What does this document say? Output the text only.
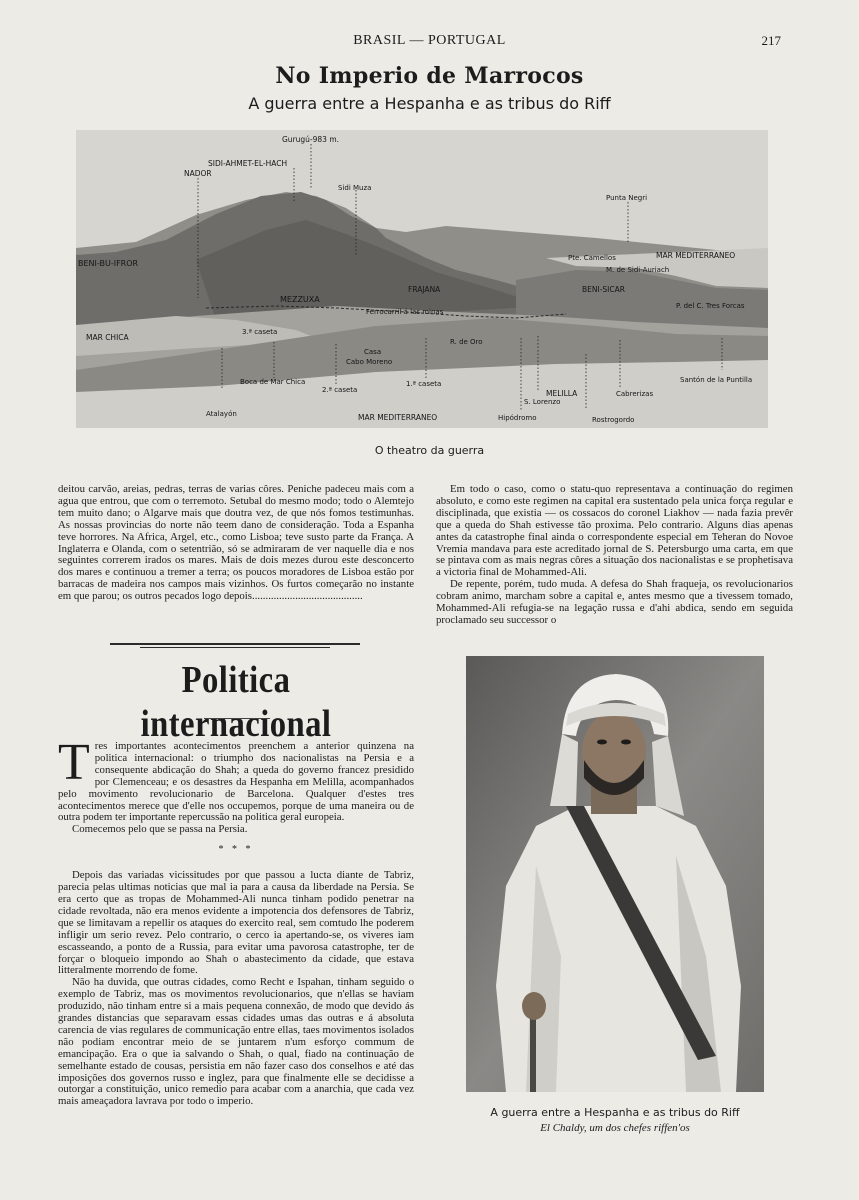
BRASIL — PORTUGAL	217
No Imperio de Marrocos
A guerra entre a Hespanha e as tribus do Riff
Gurugú-983 m.
SIDI-AHMET-EL-HACH
NADOR
Sidi Muza
Punta Negri
BENI-BU-IFROR
MAR MEDITERRANEO
Pte. Camellos
M. de Sidi-Auriach
MEZZUXA
FRAJANA	BENI-SICAR
P. del C. Tres Forcas
Ferrocarril á las minas
MAR CHICA
3.ª caseta
R. de Oro
Casa
Cabo Moreno
Boca de Mar Chica
2.ª caseta
1.ª caseta
MELILLA
S. Lorenzo
Cabrerizas
Santón de la Puntilla
Atalayón	MAR MEDITERRANEO	Hipódromo	Rostrogordo
O theatro da guerra

deitou carvão, areias, pedras, terras de varias côres. Peniche padeceu mais com a agua que entrou, que com o terremoto. Setubal do mesmo modo; todo o Alemtejo tem muito dano; o Algarve mais que doutra vez, de que nós fomos testimunhas. As nossas provincias do norte não teem dano de consideração. Toda a Espanha teve horrores. Na Africa, Argel, etc., como Lisboa; teve susto parte da França. A Inglaterra e Olanda, com o setentrião, só se admiraram de ver naquelle dia e nos seguintes correrem irados os mares. Mais de dois mezes durou este desconcerto dos mares e continuou a tremer a terra; os poucos moradores de Lisboa estão por barracas de madeira nos campos mais vizinhos. Os furtos começarão no instante em que parou; os outros pecados logo depois.........................................

Em todo o caso, como o statu-quo representava a continuação do regimen absoluto, e como este regimen na capital era sustentado pela unica força regular e disciplinada, que existia — os cossacos do coronel Liakhov — nada fazia prevêr que a queda do Shah estivesse tão proxima. Pelo contrario. Alguns dias apenas antes da catastrophe final ainda o correspondente especial em Teheran do Novoe Vremia mandava para este acreditado jornal de S. Petersburgo uma carta, em que se pintava com as mais negras côres a situação dos nacionalistas e se prophetisava a victoria final de Mohammed-Ali.

De repente, porém, tudo muda. A defesa do Shah fraqueja, os revolucionarios cobram animo, marcham sobre a capital e, antes mesmo que a tivessem tomado, Mohammed-Ali refugia-se na legação russa e d'ahi abdica, sendo em seguida proclamado seu successor o

Politica internacional

Tres importantes acontecimentos preenchem a anterior quinzena na politica internacional: o triumpho dos nacionalistas na Persia e a consequente abdicação do Shah; a queda do governo francez presidido por Clemenceau; e os desastres da Hespanha em Melilla, acompanhados pelo movimento revolucionario de Barcelona. Qualquer d'estes tres acontecimentos merece que d'elle nos occupemos, porque de uma maneira ou de outra podem ter importante repercussão na politica geral europeia.

Comecemos pelo que se passa na Persia.

* * *

Depois das variadas vicissitudes por que passou a lucta diante de Tabriz, parecia pelas ultimas noticias que mal ia para a causa da liberdade na Persia. Se era certo que as tropas de Mohammed-Ali nunca tinham podido penetrar na cidade revoltada, não era menos evidente a impotencia dos defensores de Tabriz, que se limitavam a repellir os ataques do exercito real, sem comtudo lhe poderem infligir um serio revez. Pelo contrario, o cerco ia apertando-se, os viveres iam escasseando, a ponto de a Russia, para evitar uma pavorosa catastrophe, ter de forçar o bloqueio impondo ao Shah o abastecimento da cidade, que estava litteralmente morrendo de fome.

Não ha duvida, que outras cidades, como Recht e Ispahan, tinham seguido o exemplo de Tabriz, mas os movimentos revolucionarios, que n'ellas se haviam produzido, não tinham entre si a mais pequena connexão, de modo que devido ás grandes distancias que separavam essas cidades umas das outras e á absoluta carencia de vias regulares de communicação entre ellas, taes movimentos isolados não podiam encontrar meio de se juntarem n'um esforço commum de emancipação. Era o que ia salvando o Shah, o qual, fiado na continuação de semelhante estado de cousas, persistia em não fazer caso dos conselhos e até das imposições dos governos russo e inglez, para que finalmente elle se decidisse a outorgar a constituição, unico remedio para acabar com a anarchia, que cada vez mais ameaçadora lavrava por todo o imperio.

A guerra entre a Hespanha e as tribus do Riff
El Chaldy, um dos chefes riffen'os
